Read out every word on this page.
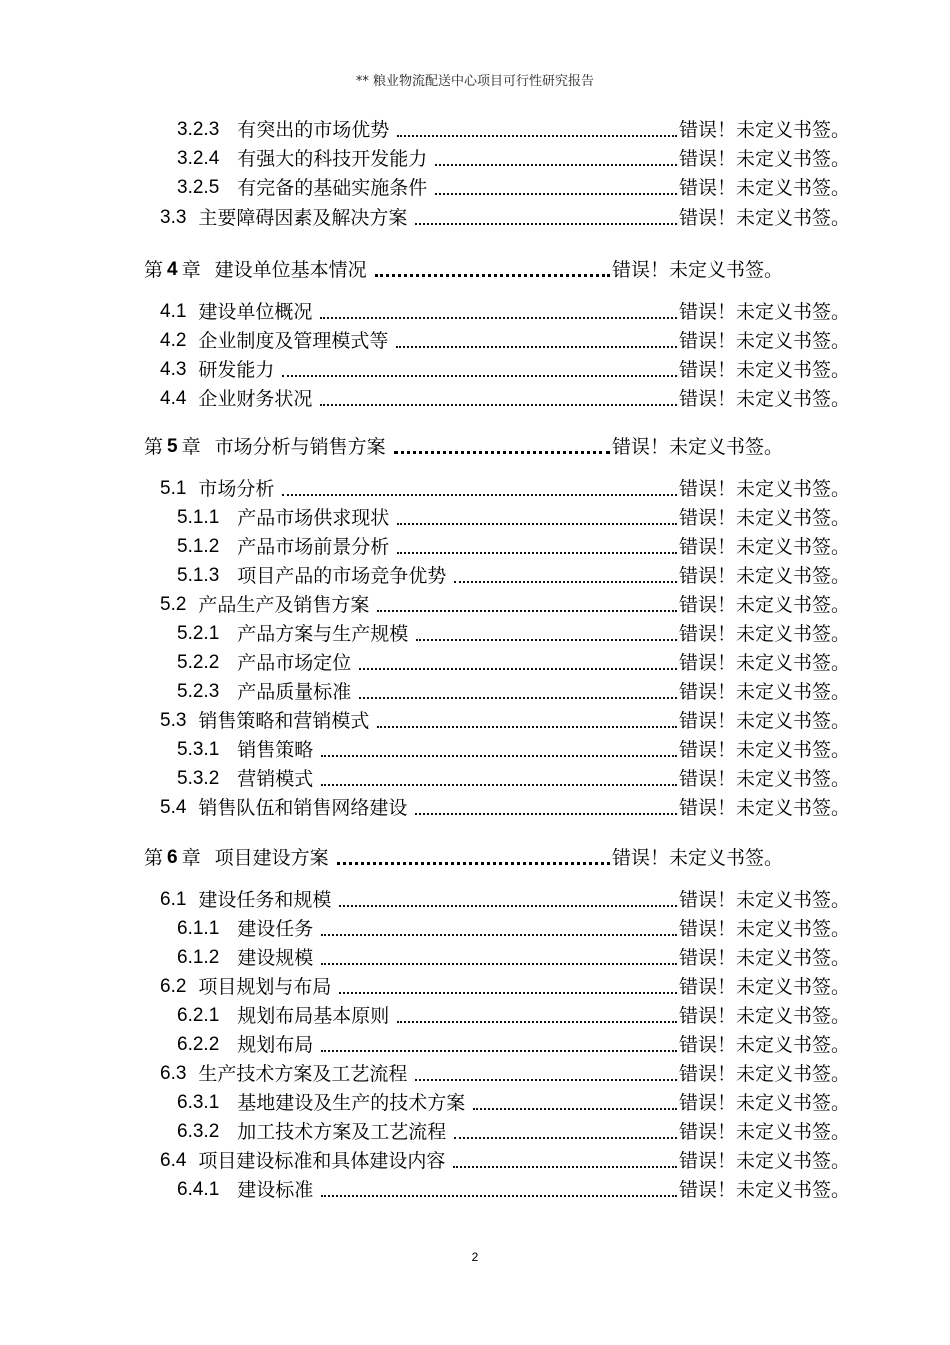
** 粮业物流配送中心项目可行性研究报告
3.2.3 有突出的市场优势	错误！未定义书签。
3.2.4 有强大的科技开发能力	错误！未定义书签。
3.2.5 有完备的基础实施条件	错误！未定义书签。
3.3 主要障碍因素及解决方案	错误！未定义书签。
第 4 章 建设单位基本情况	错误！未定义书签。
4.1 建设单位概况	错误！未定义书签。
4.2 企业制度及管理模式等	错误！未定义书签。
4.3 研发能力	错误！未定义书签。
4.4 企业财务状况	错误！未定义书签。
第 5 章 市场分析与销售方案	错误！未定义书签。
5.1 市场分析	错误！未定义书签。
5.1.1 产品市场供求现状	错误！未定义书签。
5.1.2 产品市场前景分析	错误！未定义书签。
5.1.3 项目产品的市场竞争优势	错误！未定义书签。
5.2 产品生产及销售方案	错误！未定义书签。
5.2.1 产品方案与生产规模	错误！未定义书签。
5.2.2 产品市场定位	错误！未定义书签。
5.2.3 产品质量标准	错误！未定义书签。
5.3 销售策略和营销模式	错误！未定义书签。
5.3.1 销售策略	错误！未定义书签。
5.3.2 营销模式	错误！未定义书签。
5.4 销售队伍和销售网络建设	错误！未定义书签。
第 6 章 项目建设方案	错误！未定义书签。
6.1 建设任务和规模	错误！未定义书签。
6.1.1 建设任务	错误！未定义书签。
6.1.2 建设规模	错误！未定义书签。
6.2 项目规划与布局	错误！未定义书签。
6.2.1 规划布局基本原则	错误！未定义书签。
6.2.2 规划布局	错误！未定义书签。
6.3 生产技术方案及工艺流程	错误！未定义书签。
6.3.1 基地建设及生产的技术方案	错误！未定义书签。
6.3.2 加工技术方案及工艺流程	错误！未定义书签。
6.4 项目建设标准和具体建设内容	错误！未定义书签。
6.4.1 建设标准	错误！未定义书签。
2
